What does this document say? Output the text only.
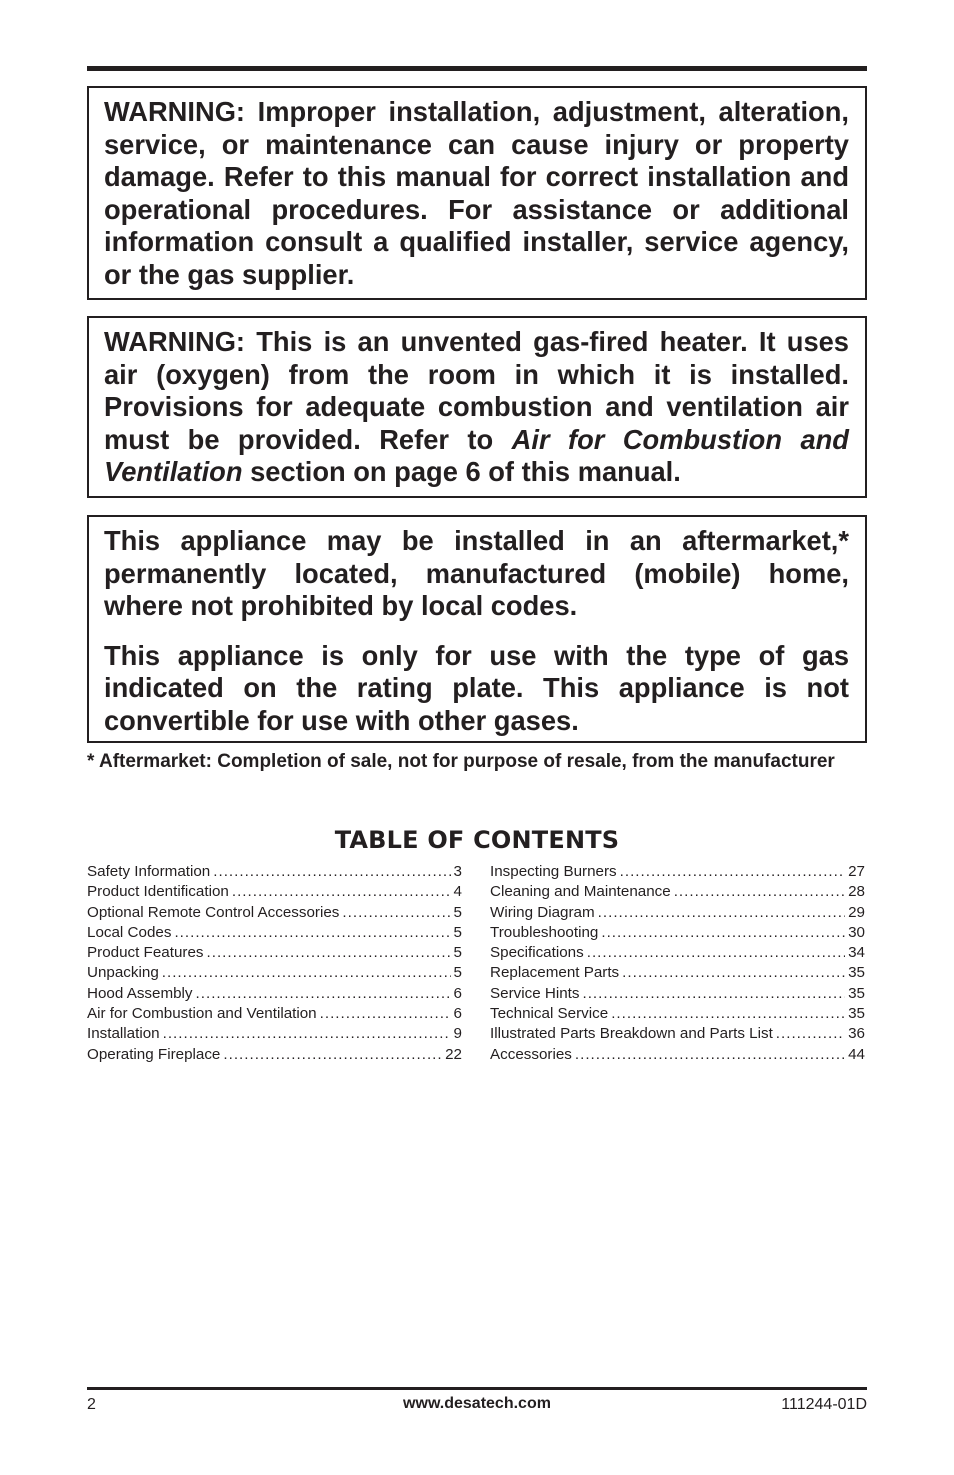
WARNING: Improper installation, adjustment, alteration, service, or maintenance can cause injury or property damage. Refer to this manual for correct installation and operational procedures. For assistance or additional information consult a qualified installer, service agency, or the gas supplier.

WARNING: This is an unvented gas-fired heater. It uses air (oxygen) from the room in which it is installed. Provisions for adequate combustion and ventilation air must be provided. Refer to Air for Combustion and Ventilation section on page 6 of this manual.

This appliance may be installed in an aftermarket,* permanently located, manufactured (mobile) home, where not prohibited by local codes.

This appliance is only for use with the type of gas indicated on the rating plate. This appliance is not convertible for use with other gases.

* Aftermarket: Completion of sale, not for purpose of resale, from the manufacturer
TABLE OF CONTENTS
Safety Information .....	3
Product Identification .....	4
Optional Remote Control Accessories .....	5
Local Codes .....	5
Product Features .....	5
Unpacking .....	5
Hood Assembly .....	6
Air for Combustion and Ventilation .....	6
Installation .....	9
Operating Fireplace .....	22
Inspecting Burners .....	27
Cleaning and Maintenance .....	28
Wiring Diagram .....	29
Troubleshooting .....	30
Specifications .....	34
Replacement Parts .....	35
Service Hints .....	35
Technical Service .....	35
Illustrated Parts Breakdown and Parts List .....	36
Accessories .....	44
2	www.desatech.com	111244-01D
